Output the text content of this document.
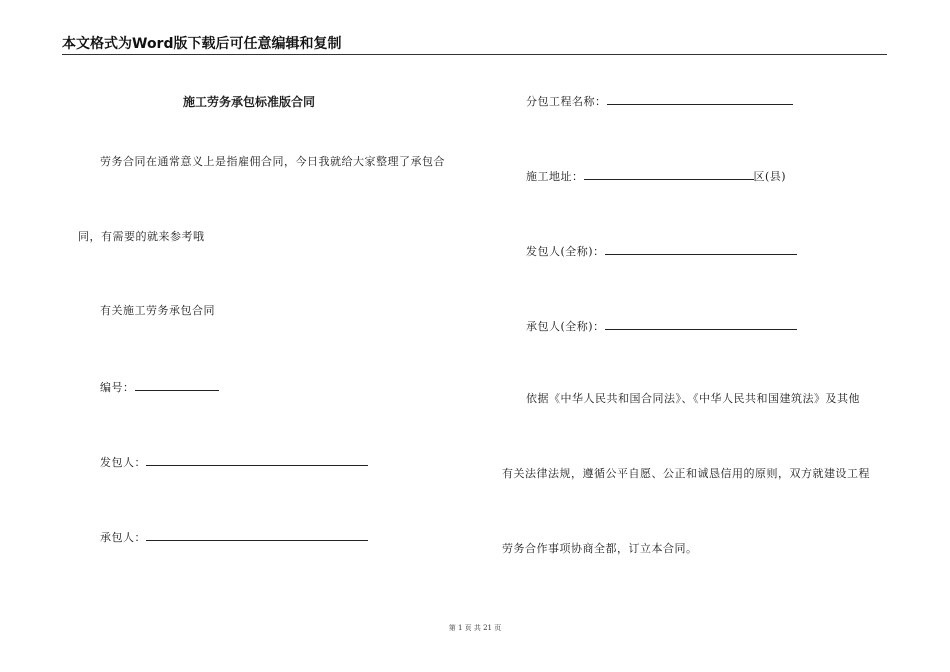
本文格式为Word版下载后可任意编辑和复制
施工劳务承包标准版合同
劳务合同在通常意义上是指雇佣合同，今日我就给大家整理了承包合
同，有需要的就来参考哦
有关施工劳务承包合同
编号：
发包人：
承包人：
分包工程名称：
施工地址：	区(县)
发包人(全称)：
承包人(全称)：
依据《中华人民共和国合同法》、《中华人民共和国建筑法》及其他
有关法律法规，遵循公平自愿、公正和诚恳信用的原则，双方就建设工程
劳务合作事项协商全都，订立本合同。
第 1 页 共 21 页
